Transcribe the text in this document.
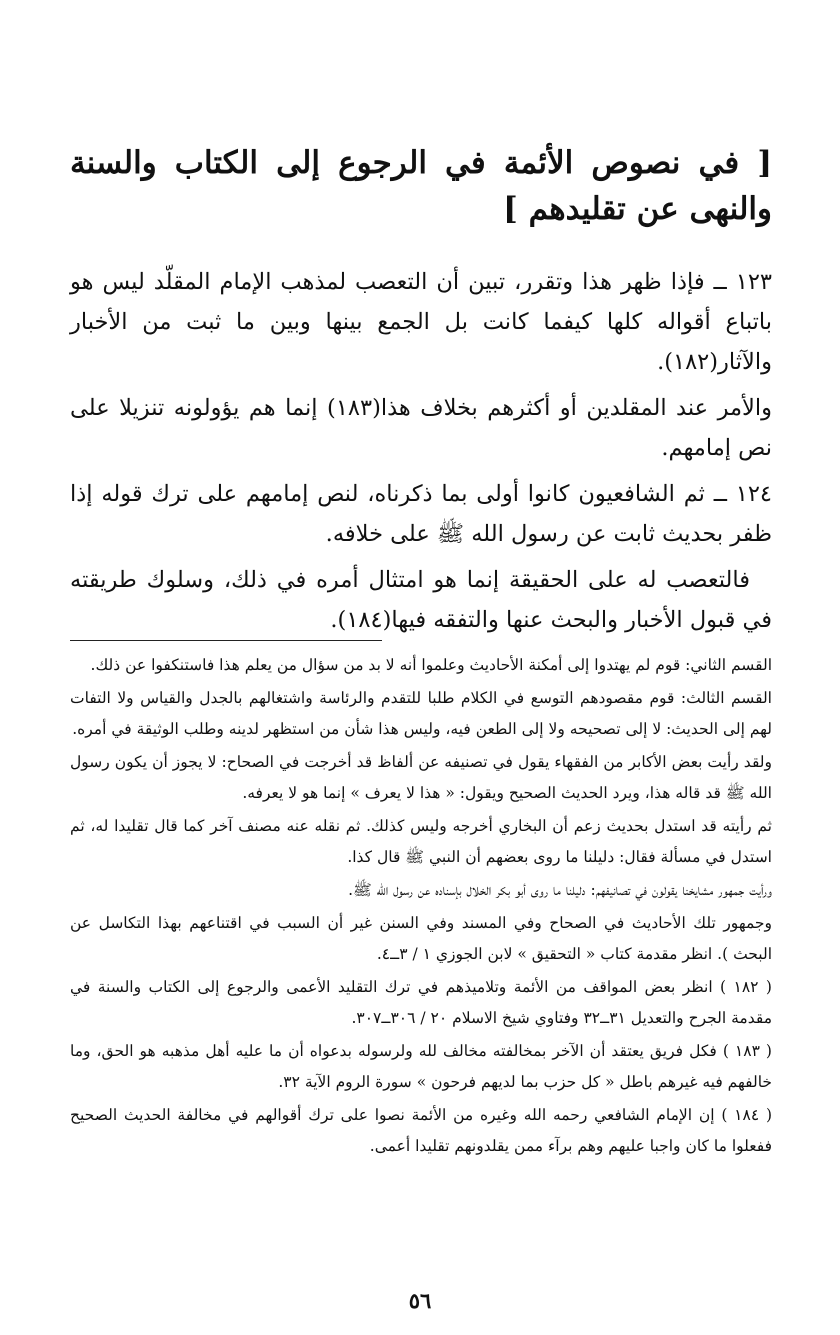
[ في نصوص الأئمة في الرجوع إلى الكتاب والسنة والنهى عن تقليدهم ]

١٢٣ ــ فإذا ظهر هذا وتقرر، تبين أن التعصب لمذهب الإمام المقلّد ليس هو باتباع أقواله كلها كيفما كانت بل الجمع بينها وبين ما ثبت من الأخبار والآثار(١٨٢).

والأمر عند المقلدين أو أكثرهم بخلاف هذا(١٨٣) إنما هم يؤولونه تنزيلا على نص إمامهم.

١٢٤ ــ ثم الشافعيون كانوا أولى بما ذكرناه، لنص إمامهم على ترك قوله إذا ظفر بحديث ثابت عن رسول الله ﷺ على خلافه.

فالتعصب له على الحقيقة إنما هو امتثال أمره في ذلك، وسلوك طريقته في قبول الأخبار والبحث عنها والتفقه فيها(١٨٤).

القسم الثاني: قوم لم يهتدوا إلى أمكنة الأحاديث وعلموا أنه لا بد من سؤال من يعلم هذا فاستنكفوا عن ذلك.

القسم الثالث: قوم مقصودهم التوسع في الكلام طلبا للتقدم والرئاسة واشتغالهم بالجدل والقياس ولا التفات لهم إلى الحديث: لا إلى تصحيحه ولا إلى الطعن فيه، وليس هذا شأن من استظهر لدينه وطلب الوثيقة في أمره.

ولقد رأيت بعض الأكابر من الفقهاء يقول في تصنيفه عن ألفاظ قد أخرجت في الصحاح: لا يجوز أن يكون رسول الله ﷺ قد قاله هذا، ويرد الحديث الصحيح ويقول: « هذا لا يعرف » إنما هو لا يعرفه.

ثم رأيته قد استدل بحديث زعم أن البخاري أخرجه وليس كذلك. ثم نقله عنه مصنف آخر كما قال تقليدا له، ثم استدل في مسألة فقال: دليلنا ما روى بعضهم أن النبي ﷺ قال كذا.

ورأيت جمهور مشايخنا يقولون في تصانيفهم: دليلنا ما روى أبو بكر الخلال بإسناده عن رسول الله ﷺ.

وجمهور تلك الأحاديث في الصحاح وفي المسند وفي السنن غير أن السبب في اقتناعهم بهذا التكاسل عن البحث ). انظر مقدمة كتاب « التحقيق » لابن الجوزي ١ / ٣ــ٤.

( ١٨٢ ) انظر بعض المواقف من الأئمة وتلاميذهم في ترك التقليد الأعمى والرجوع إلى الكتاب والسنة في مقدمة الجرح والتعديل ٣١ــ٣٢ وفتاوي شيخ الاسلام ٢٠ / ٣٠٦ــ٣٠٧.

( ١٨٣ ) فكل فريق يعتقد أن الآخر بمخالفته مخالف لله ولرسوله بدعواه أن ما عليه أهل مذهبه هو الحق، وما خالفهم فيه غيرهم باطل « كل حزب بما لديهم فرحون » سورة الروم الآية ٣٢.

( ١٨٤ ) إن الإمام الشافعي رحمه الله وغيره من الأئمة نصوا على ترك أقوالهم في مخالفة الحديث الصحيح ففعلوا ما كان واجبا عليهم وهم برآء ممن يقلدونهم تقليدا أعمى.

٥٦
